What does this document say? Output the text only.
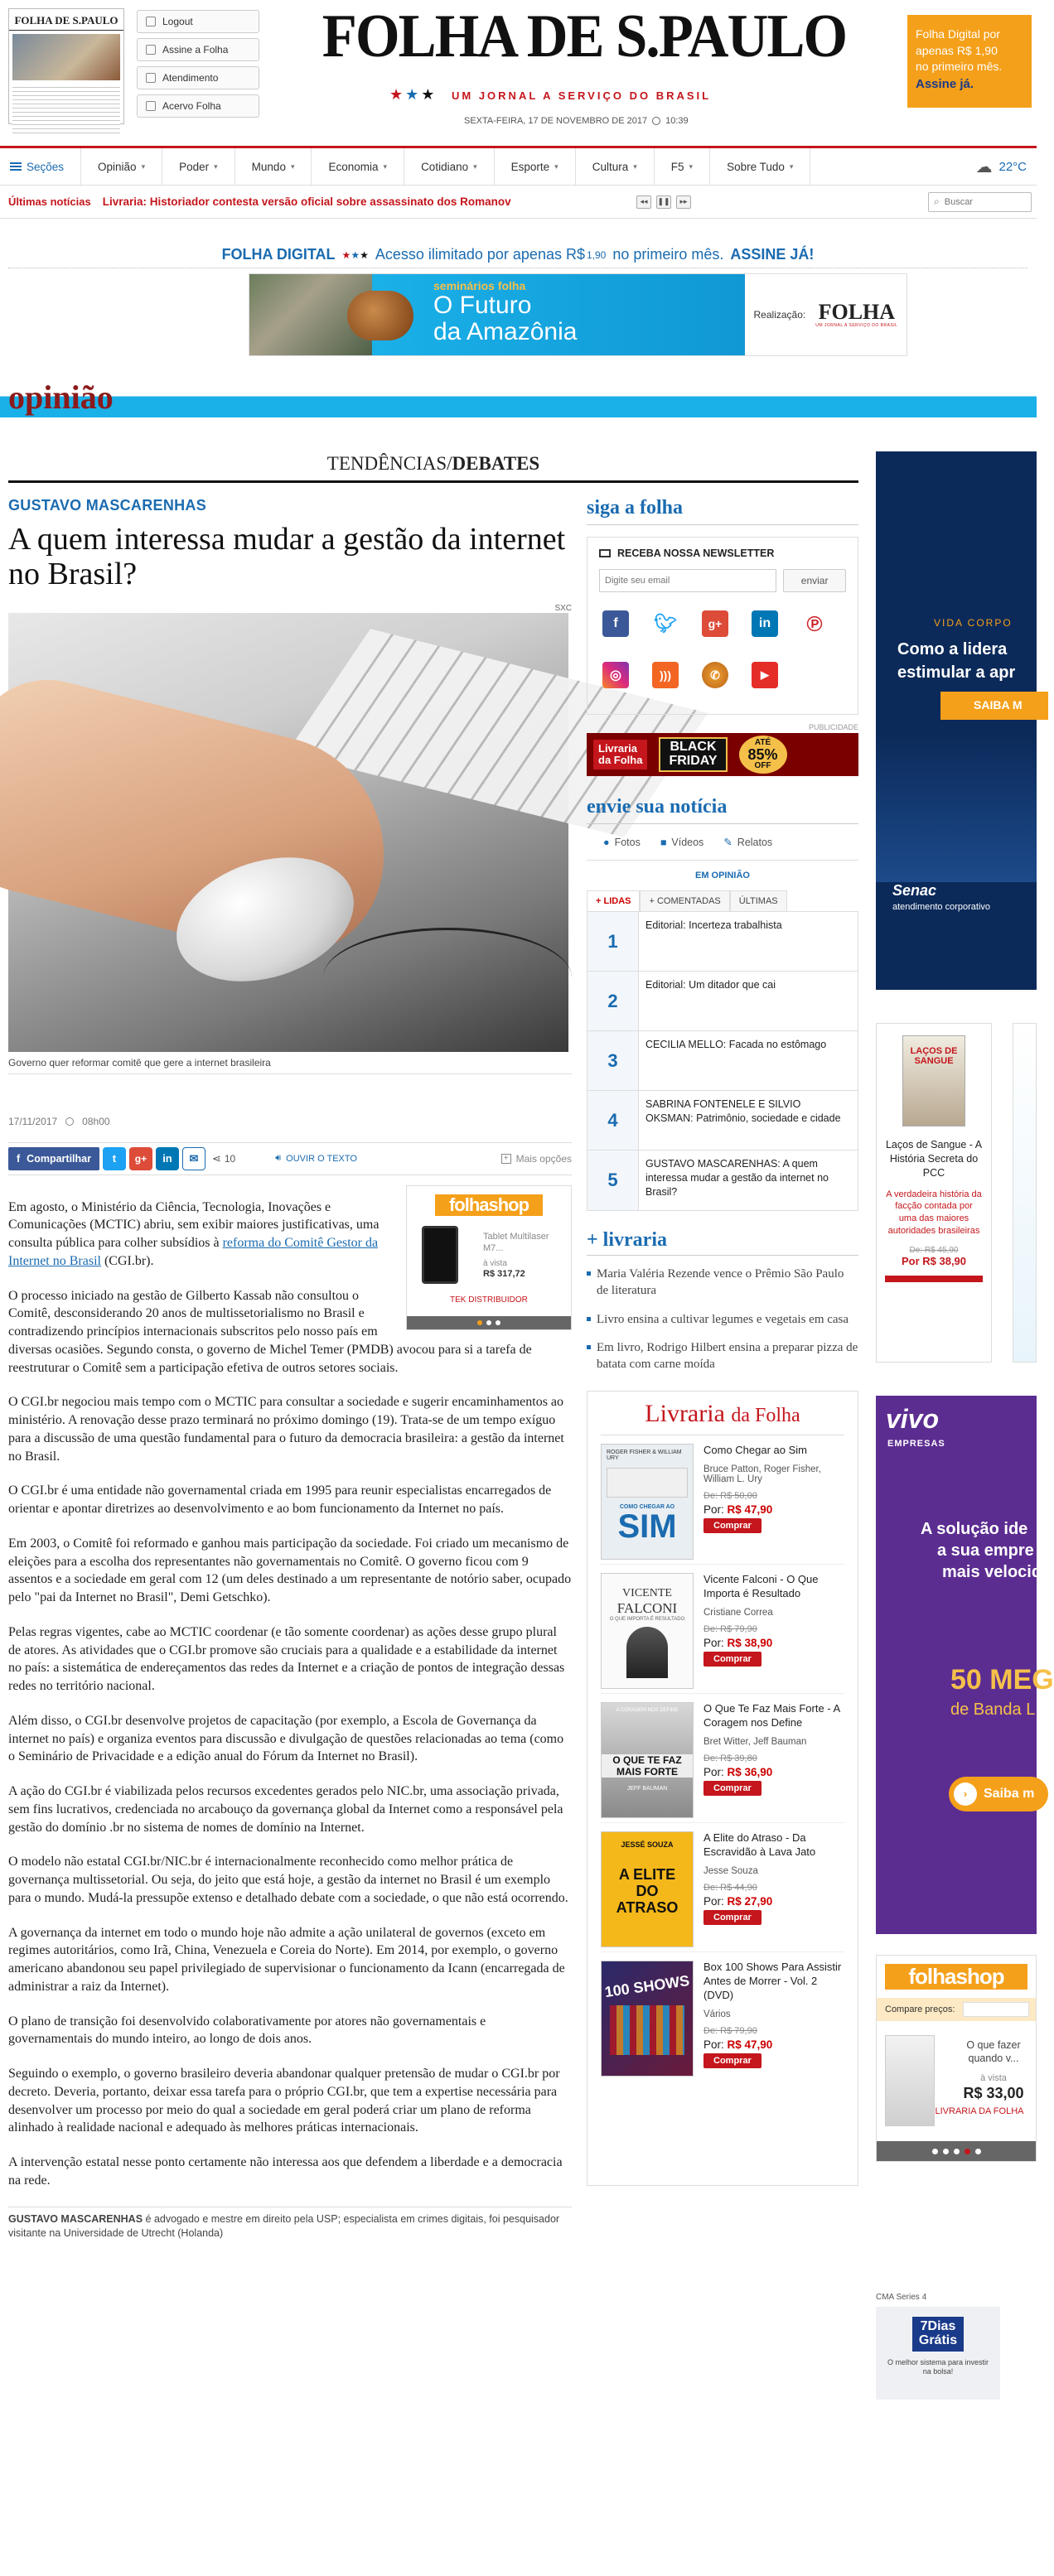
FOLHA DE S.PAULO	Logout
Assine a Folha
Atendimento
Acervo Folha
FOLHA DE S.PAULO
★★★ UM JORNAL A SERVIÇO DO BRASIL
SEXTA-FEIRA, 17 DE NOVEMBRO DE 2017 10:39
Folha Digital por
apenas R$ 1,90
no primeiro mês.
Assine já.
Seções	Opinião ▾	Poder ▾	Mundo ▾	Economia ▾	Cotidiano ▾	Esporte ▾	Cultura ▾	F5 ▾	Sobre Tudo ▾	☁ 22°C
Últimas notícias Livraria: Historiador contesta versão oficial sobre assassinato dos Romanov	◂◂	❚❚	▸▸	⌕
Buscar
FOLHA DIGITAL ★★★ Acesso ilimitado por apenas R$ 1,90 no primeiro mês. ASSINE JÁ!
seminários folha
O Futuro
da Amazônia
Realização: FOLHA
UM JORNAL A SERVIÇO DO BRASIL
opinião
TENDÊNCIAS/DEBATES
GUSTAVO MASCARENHAS
A quem interessa mudar a gestão da internet no Brasil?
SXC
Governo quer reformar comitê que gere a internet brasileira
17/11/2017	08h00
f Compartilhar	t	g+	in	✉	⋖ 10	🔊︎ OUVIR O TEXTO	+ Mais opções
folhashop
Tablet Multilaser M7...
à vista
R$ 317,72
TEK DISTRIBUIDOR

Em agosto, o Ministério da Ciência, Tecnologia, Inovações e Comunicações (MCTIC) abriu, sem exibir maiores justificativas, uma consulta pública para colher subsídios à reforma do Comitê Gestor da Internet no Brasil (CGI.br).

O processo iniciado na gestão de Gilberto Kassab não consultou o Comitê, desconsiderando 20 anos de multissetorialismo no Brasil e contradizendo princípios internacionais subscritos pelo nosso país em diversas ocasiões. Segundo consta, o governo de Michel Temer (PMDB) avocou para si a tarefa de reestruturar o Comitê sem a participação efetiva de outros setores sociais.

O CGI.br negociou mais tempo com o MCTIC para consultar a sociedade e sugerir encaminhamentos ao ministério. A renovação desse prazo terminará no próximo domingo (19). Trata-se de um tempo exíguo para a discussão de uma questão fundamental para o futuro da democracia brasileira: a gestão da internet no Brasil.

O CGI.br é uma entidade não governamental criada em 1995 para reunir especialistas encarregados de orientar e apontar diretrizes ao desenvolvimento e ao bom funcionamento da Internet no país.

Em 2003, o Comitê foi reformado e ganhou mais participação da sociedade. Foi criado um mecanismo de eleições para a escolha dos representantes não governamentais no Comitê. O governo ficou com 9 assentos e a sociedade em geral com 12 (um deles destinado a um representante de notório saber, ocupado pelo "pai da Internet no Brasil", Demi Getschko).

Pelas regras vigentes, cabe ao MCTIC coordenar (e tão somente coordenar) as ações desse grupo plural de atores. As atividades que o CGI.br promove são cruciais para a qualidade e a estabilidade da internet no país: a sistemática de endereçamentos das redes da Internet e a criação de pontos de integração dessas redes no território nacional.

Além disso, o CGI.br desenvolve projetos de capacitação (por exemplo, a Escola de Governança da internet no país) e organiza eventos para discussão e divulgação de questões relacionadas ao tema (como o Seminário de Privacidade e a edição anual do Fórum da Internet no Brasil).

A ação do CGI.br é viabilizada pelos recursos excedentes gerados pelo NIC.br, uma associação privada, sem fins lucrativos, credenciada no arcabouço da governança global da Internet como a responsável pela gestão do domínio .br no sistema de nomes de domínio na Internet.

O modelo não estatal CGI.br/NIC.br é internacionalmente reconhecido como melhor prática de governança multissetorial. Ou seja, do jeito que está hoje, a gestão da internet no Brasil é um exemplo para o mundo. Mudá-la pressupõe extenso e detalhado debate com a sociedade, o que não está ocorrendo.

A governança da internet em todo o mundo hoje não admite a ação unilateral de governos (exceto em regimes autoritários, como Irã, China, Venezuela e Coreia do Norte). Em 2014, por exemplo, o governo americano abandonou seu papel privilegiado de supervisionar o funcionamento da Icann (encarregada de administrar a raiz da Internet).

O plano de transição foi desenvolvido colaborativamente por atores não governamentais e governamentais do mundo inteiro, ao longo de dois anos.

Seguindo o exemplo, o governo brasileiro deveria abandonar qualquer pretensão de mudar o CGI.br por decreto. Deveria, portanto, deixar essa tarefa para o próprio CGI.br, que tem a expertise necessária para desenvolver um processo por meio do qual a sociedade em geral poderá criar um plano de reforma alinhado à realidade nacional e adequado às melhores práticas internacionais.

A intervenção estatal nesse ponto certamente não interessa aos que defendem a liberdade e a democracia na rede.

GUSTAVO MASCARENHAS é advogado e mestre em direito pela USP; especialista em crimes digitais, foi pesquisador visitante na Universidade de Utrecht (Holanda)

siga a folha
RECEBA NOSSA NEWSLETTER
Digite seu email
enviar
f	🐦︎	g+	in	℗
◎	)))	✆	▶
PUBLICIDADE
Livraria
da Folha
BLACK
FRIDAY
ATÉ
85%
OFF
envie sua notícia
● Fotos ■ Vídeos ✎ Relatos
EM OPINIÃO
+ LIDAS + COMENTADAS ÚLTIMAS
1
Editorial: Incerteza trabalhista
2
Editorial: Um ditador que cai
3
CECILIA MELLO: Facada no estômago
4
SABRINA FONTENELE E SILVIO OKSMAN: Patrimônio, sociedade e cidade
5
GUSTAVO MASCARENHAS: A quem interessa mudar a gestão da internet no Brasil?
+ livraria
Maria Valéria Rezende vence o Prêmio São Paulo de literatura
Livro ensina a cultivar legumes e vegetais em casa
Em livro, Rodrigo Hilbert ensina a preparar pizza de batata com carne moída
Livraria da Folha
ROGER FISHER & WILLIAM URY
COMO CHEGAR AO
SIM
Como Chegar ao Sim
Bruce Patton, Roger Fisher, William L. Ury
De: R$ 50,00
Por: R$ 47,90
Comprar
VICENTE
FALCONI
O QUE IMPORTA É RESULTADO
Vicente Falconi - O Que Importa é Resultado
Cristiane Correa
De: R$ 79,90
Por: R$ 38,90
Comprar
A CORAGEM NOS DEFINE
O QUE TE FAZ MAIS FORTE
JEFF BAUMAN
O Que Te Faz Mais Forte - A Coragem nos Define
Bret Witter, Jeff Bauman
De: R$ 39,80
Por: R$ 36,90
Comprar
JESSÉ SOUZA
A ELITE DO ATRASO
A Elite do Atraso - Da Escravidão à Lava Jato
Jesse Souza
De: R$ 44,90
Por: R$ 27,90
Comprar
100 SHOWS
Box 100 Shows Para Assistir Antes de Morrer - Vol. 2 (DVD)
Vários
De: R$ 79,90
Por: R$ 47,90
Comprar
VIDA CORPO
Como a lidera
estimular a apr
SAIBA M
Senac
atendimento corporativo
LAÇOS DE SANGUE
Laços de Sangue - A História Secreta do PCC
A verdadeira história da facção contada por uma das maiores autoridades brasileiras
De: R$ 45,90
Por R$ 38,90
vivo
EMPRESAS
A solução ide
a sua empre
mais velocid
50 MEG
de Banda L
›	Saiba m
folhashop
Compare preços:
O que fazer quando v...
à vista
R$ 33,00
LIVRARIA DA FOLHA
CMA Series 4
7Dias
Grátis
O melhor sistema para investir na bolsa!
